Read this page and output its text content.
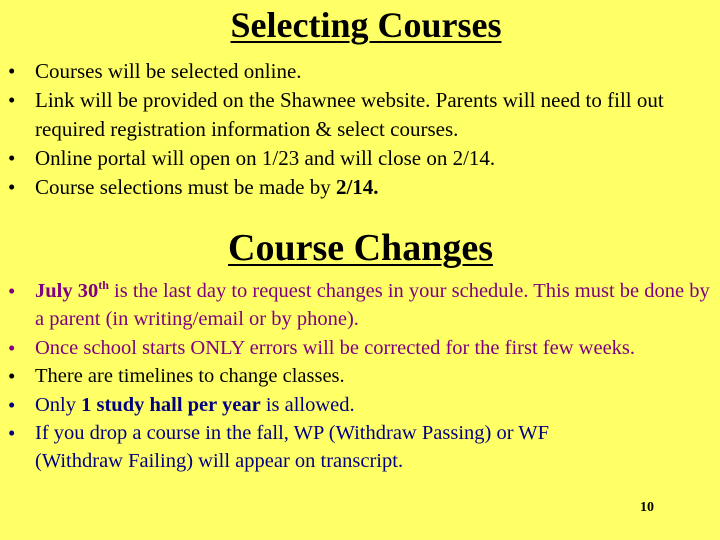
Selecting Courses
• Courses will be selected online.
• Link will be provided on the Shawnee website. Parents will need to fill out required registration information & select courses.
• Online portal will open on 1/23 and will close on 2/14.
• Course selections must be made by 2/14.
Course Changes
• July 30th is the last day to request changes in your schedule. This must be done by a parent (in writing/email or by phone).
• Once school starts ONLY errors will be corrected for the first few weeks.
• There are timelines to change classes.
• Only 1 study hall per year is allowed.
• If you drop a course in the fall, WP (Withdraw Passing) or WF (Withdraw Failing) will appear on transcript.
10
